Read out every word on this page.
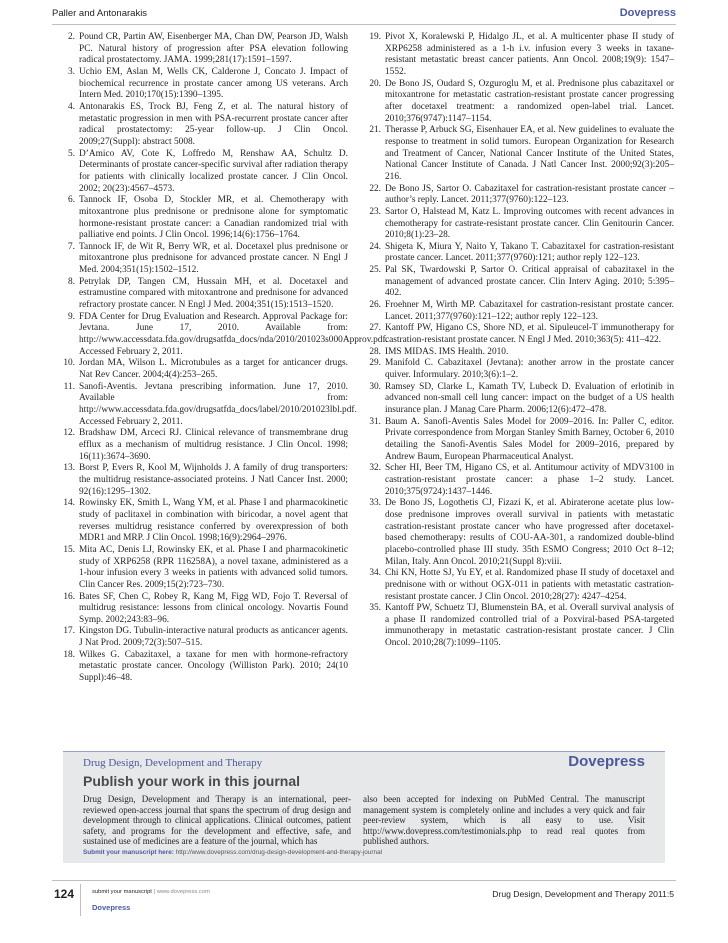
Paller and Antonarakis	Dovepress
2. Pound CR, Partin AW, Eisenberger MA, Chan DW, Pearson JD, Walsh PC. Natural history of progression after PSA elevation following radical prostatectomy. JAMA. 1999;281(17):1591–1597.
3. Uchio EM, Aslan M, Wells CK, Calderone J, Concato J. Impact of biochemical recurrence in prostate cancer among US veterans. Arch Intern Med. 2010;170(15):1390–1395.
4. Antonarakis ES, Trock BJ, Feng Z, et al. The natural history of metastatic progression in men with PSA-recurrent prostate cancer after radical prostatectomy: 25-year follow-up. J Clin Oncol. 2009;27(Suppl): abstract 5008.
5. D’Amico AV, Cote K, Loffredo M, Renshaw AA, Schultz D. Determinants of prostate cancer-specific survival after radiation therapy for patients with clinically localized prostate cancer. J Clin Oncol. 2002; 20(23):4567–4573.
6. Tannock IF, Osoba D, Stockler MR, et al. Chemotherapy with mitoxantrone plus prednisone or prednisone alone for symptomatic hormone-resistant prostate cancer: a Canadian randomized trial with palliative end points. J Clin Oncol. 1996;14(6):1756–1764.
7. Tannock IF, de Wit R, Berry WR, et al. Docetaxel plus prednisone or mitoxantrone plus prednisone for advanced prostate cancer. N Engl J Med. 2004;351(15):1502–1512.
8. Petrylak DP, Tangen CM, Hussain MH, et al. Docetaxel and estramustine compared with mitoxantrone and prednisone for advanced refractory prostate cancer. N Engl J Med. 2004;351(15):1513–1520.
9. FDA Center for Drug Evaluation and Research. Approval Package for: Jevtana. June 17, 2010. Available from: http://www.accessdata.fda.gov/drugsatfda_docs/nda/2010/201023s000Approv.pdf. Accessed February 2, 2011.
10. Jordan MA, Wilson L. Microtubules as a target for anticancer drugs. Nat Rev Cancer. 2004;4(4):253–265.
11. Sanofi-Aventis. Jevtana prescribing information. June 17, 2010. Available from: http://www.accessdata.fda.gov/drugsatfda_docs/label/2010/201023lbl.pdf. Accessed February 2, 2011.
12. Bradshaw DM, Arceci RJ. Clinical relevance of transmembrane drug efflux as a mechanism of multidrug resistance. J Clin Oncol. 1998; 16(11):3674–3690.
13. Borst P, Evers R, Kool M, Wijnholds J. A family of drug transporters: the multidrug resistance-associated proteins. J Natl Cancer Inst. 2000; 92(16):1295–1302.
14. Rowinsky EK, Smith L, Wang YM, et al. Phase I and pharmacokinetic study of paclitaxel in combination with biricodar, a novel agent that reverses multidrug resistance conferred by overexpression of both MDR1 and MRP. J Clin Oncol. 1998;16(9):2964–2976.
15. Mita AC, Denis LJ, Rowinsky EK, et al. Phase I and pharmacokinetic study of XRP6258 (RPR 116258A), a novel taxane, administered as a 1-hour infusion every 3 weeks in patients with advanced solid tumors. Clin Cancer Res. 2009;15(2):723–730.
16. Bates SF, Chen C, Robey R, Kang M, Figg WD, Fojo T. Reversal of multidrug resistance: lessons from clinical oncology. Novartis Found Symp. 2002;243:83–96.
17. Kingston DG. Tubulin-interactive natural products as anticancer agents. J Nat Prod. 2009;72(3):507–515.
18. Wilkes G. Cabazitaxel, a taxane for men with hormone-refractory metastatic prostate cancer. Oncology (Williston Park). 2010; 24(10 Suppl):46–48.
19. Pivot X, Koralewski P, Hidalgo JL, et al. A multicenter phase II study of XRP6258 administered as a 1-h i.v. infusion every 3 weeks in taxane-resistant metastatic breast cancer patients. Ann Oncol. 2008;19(9): 1547–1552.
20. De Bono JS, Oudard S, Ozguroglu M, et al. Prednisone plus cabazitaxel or mitoxantrone for metastatic castration-resistant prostate cancer progressing after docetaxel treatment: a randomized open-label trial. Lancet. 2010;376(9747):1147–1154.
21. Therasse P, Arbuck SG, Eisenhauer EA, et al. New guidelines to evaluate the response to treatment in solid tumors. European Organization for Research and Treatment of Cancer, National Cancer Institute of the United States, National Cancer Institute of Canada. J Natl Cancer Inst. 2000;92(3):205–216.
22. De Bono JS, Sartor O. Cabazitaxel for castration-resistant prostate cancer – author’s reply. Lancet. 2011;377(9760):122–123.
23. Sartor O, Halstead M, Katz L. Improving outcomes with recent advances in chemotherapy for castrate-resistant prostate cancer. Clin Genitourin Cancer. 2010;8(1):23–28.
24. Shigeta K, Miura Y, Naito Y, Takano T. Cabazitaxel for castration-resistant prostate cancer. Lancet. 2011;377(9760):121; author reply 122–123.
25. Pal SK, Twardowski P, Sartor O. Critical appraisal of cabazitaxel in the management of advanced prostate cancer. Clin Interv Aging. 2010; 5:395–402.
26. Froehner M, Wirth MP. Cabazitaxel for castration-resistant prostate cancer. Lancet. 2011;377(9760):121–122; author reply 122–123.
27. Kantoff PW, Higano CS, Shore ND, et al. Sipuleucel-T immunotherapy for castration-resistant prostate cancer. N Engl J Med. 2010;363(5): 411–422.
28. IMS MIDAS. IMS Health. 2010.
29. Manifold C. Cabazitaxel (Jevtana): another arrow in the prostate cancer quiver. Informulary. 2010;3(6):1–2.
30. Ramsey SD, Clarke L, Kamath TV, Lubeck D. Evaluation of erlotinib in advanced non-small cell lung cancer: impact on the budget of a US health insurance plan. J Manag Care Pharm. 2006;12(6):472–478.
31. Baum A. Sanofi-Aventis Sales Model for 2009–2016. In: Paller C, editor. Private correspondence from Morgan Stanley Smith Barney, October 6, 2010 detailing the Sanofi-Aventis Sales Model for 2009–2016, prepared by Andrew Baum, European Pharmaceutical Analyst.
32. Scher HI, Beer TM, Higano CS, et al. Antitumour activity of MDV3100 in castration-resistant prostate cancer: a phase 1–2 study. Lancet. 2010;375(9724):1437–1446.
33. De Bono JS, Logothetis CJ, Fizazi K, et al. Abiraterone acetate plus low-dose prednisone improves overall survival in patients with metastatic castration-resistant prostate cancer who have progressed after docetaxel-based chemotherapy: results of COU-AA-301, a randomized double-blind placebo-controlled phase III study. 35th ESMO Congress; 2010 Oct 8–12; Milan, Italy. Ann Oncol. 2010;21(Suppl 8):viii.
34. Chi KN, Hotte SJ, Yu EY, et al. Randomized phase II study of docetaxel and prednisone with or without OGX-011 in patients with metastatic castration-resistant prostate cancer. J Clin Oncol. 2010;28(27): 4247–4254.
35. Kantoff PW, Schuetz TJ, Blumenstein BA, et al. Overall survival analysis of a phase II randomized controlled trial of a Poxviral-based PSA-targeted immunotherapy in metastatic castration-resistant prostate cancer. J Clin Oncol. 2010;28(7):1099–1105.
Drug Design, Development and Therapy	Dovepress
Publish your work in this journal
Drug Design, Development and Therapy is an international, peer-reviewed open-access journal that spans the spectrum of drug design and development through to clinical applications. Clinical outcomes, patient safety, and programs for the development and effective, safe, and sustained use of medicines are a feature of the journal, which has
also been accepted for indexing on PubMed Central. The manuscript management system is completely online and includes a very quick and fair peer-review system, which is all easy to use. Visit http://www.dovepress.com/testimonials.php to read real quotes from published authors.
Submit your manuscript here: http://www.dovepress.com/drug-design-development-and-therapy-journal
124	submit your manuscript | www.dovepress.com
Dovepress
Drug Design, Development and Therapy 2011:5
